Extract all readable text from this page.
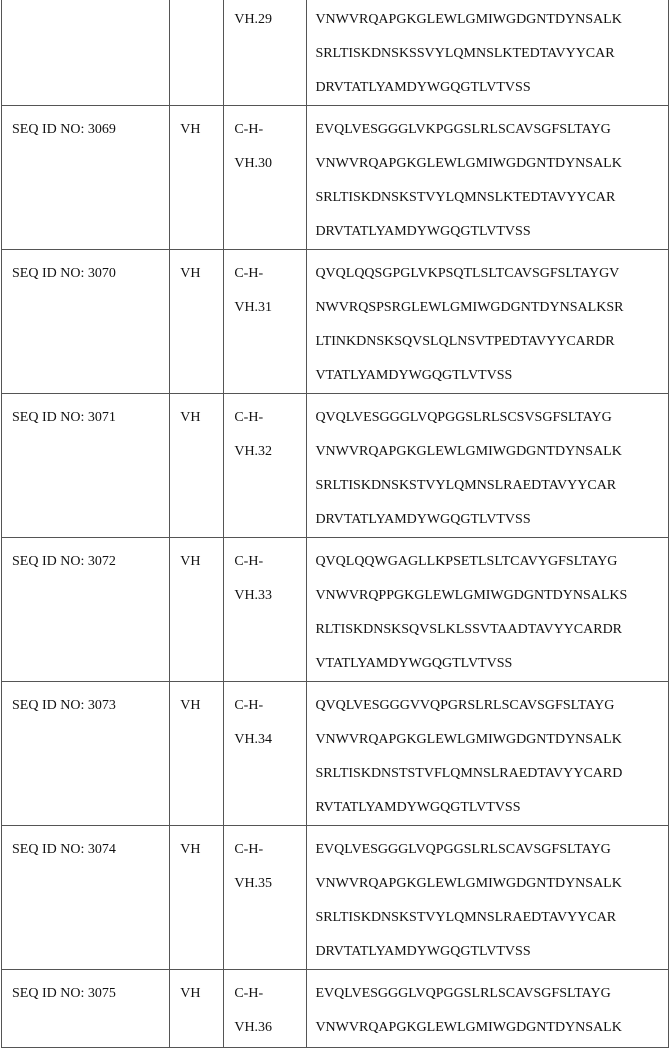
VH.29	VNWVRQAPGKGLEWLGMIWGDGNTDYNSALK
SRLTISKDNSKSSVYLQMNSLKTEDTAVYYCAR
DRVTATLYAMDYWGQGTLVTVSS

SEQ ID NO: 3069	VH	C-H-
VH.30

EVQLVESGGGLVKPGGSLRLSCAVSGFSLTAYG
VNWVRQAPGKGLEWLGMIWGDGNTDYNSALK
SRLTISKDNSKSTVYLQMNSLKTEDTAVYYCAR
DRVTATLYAMDYWGQGTLVTVSS

SEQ ID NO: 3070	VH	C-H-
VH.31

QVQLQQSGPGLVKPSQTLSLTCAVSGFSLTAYGV
NWVRQSPSRGLEWLGMIWGDGNTDYNSALKSR
LTINKDNSKSQVSLQLNSVTPEDTAVYYCARDR
VTATLYAMDYWGQGTLVTVSS

SEQ ID NO: 3071	VH	C-H-
VH.32

QVQLVESGGGLVQPGGSLRLSCSVSGFSLTAYG
VNWVRQAPGKGLEWLGMIWGDGNTDYNSALK
SRLTISKDNSKSTVYLQMNSLRAEDTAVYYCAR
DRVTATLYAMDYWGQGTLVTVSS

SEQ ID NO: 3072	VH	C-H-
VH.33

QVQLQQWGAGLLKPSETLSLTCAVYGFSLTAYG
VNWVRQPPGKGLEWLGMIWGDGNTDYNSALKS
RLTISKDNSKSQVSLKLSSVTAADTAVYYCARDR
VTATLYAMDYWGQGTLVTVSS

SEQ ID NO: 3073	VH	C-H-
VH.34

QVQLVESGGGVVQPGRSLRLSCAVSGFSLTAYG
VNWVRQAPGKGLEWLGMIWGDGNTDYNSALK
SRLTISKDNSTSTVFLQMNSLRAEDTAVYYCARD
RVTATLYAMDYWGQGTLVTVSS

SEQ ID NO: 3074	VH	C-H-
VH.35

EVQLVESGGGLVQPGGSLRLSCAVSGFSLTAYG
VNWVRQAPGKGLEWLGMIWGDGNTDYNSALK
SRLTISKDNSKSTVYLQMNSLRAEDTAVYYCAR
DRVTATLYAMDYWGQGTLVTVSS

SEQ ID NO: 3075	VH	C-H-
VH.36

EVQLVESGGGLVQPGGSLRLSCAVSGFSLTAYG
VNWVRQAPGKGLEWLGMIWGDGNTDYNSALK
